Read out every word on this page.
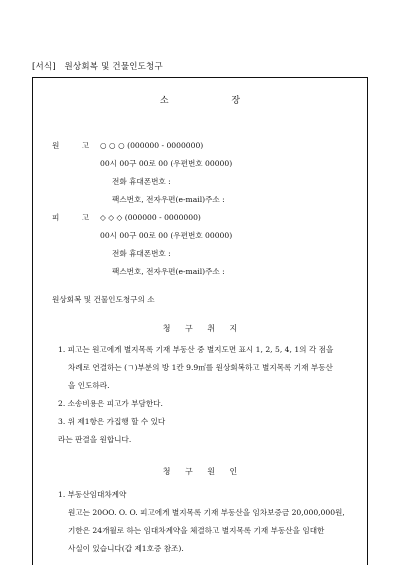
[서식]　원상회복 및 건물인도청구
소 장
원 고 ○ ○ ○ (000000 - 0000000)
00시 00구 00로 00 (우편번호 00000)
전화 휴대폰번호 :
팩스번호, 전자우편(e-mail)주소 :
피 고 ◇ ◇ ◇ (000000 - 0000000)
00시 00구 00로 00 (우편번호 00000)
전화 휴대폰번호 :
팩스번호, 전자우편(e-mail)주소 :
원상회복 및 건물인도청구의 소
청 구 취 지
1. 피고는 원고에게 별지목록 기재 부동산 중 별지도면 표시 1, 2, 5, 4, 1의 각 점을
차례로 연결하는 (ㄱ)부분의 방 1칸 9.9㎡를 원상회복하고 별지목록 기재 부동산
을 인도하라.
2. 소송비용은 피고가 부담한다.
3. 위 제1항은 가집행 할 수 있다
라는 판결을 원합니다.
청 구 원 인
1. 부동산임대차계약
원고는 20OO. O. O. 피고에게 별지목록 기재 부동산을 임차보증금 20,000,000원,
기한은 24개월로 하는 임대차계약을 체결하고 별지목록 기재 부동산을 임대한
사실이 있습니다(갑 제1호증 참조).
